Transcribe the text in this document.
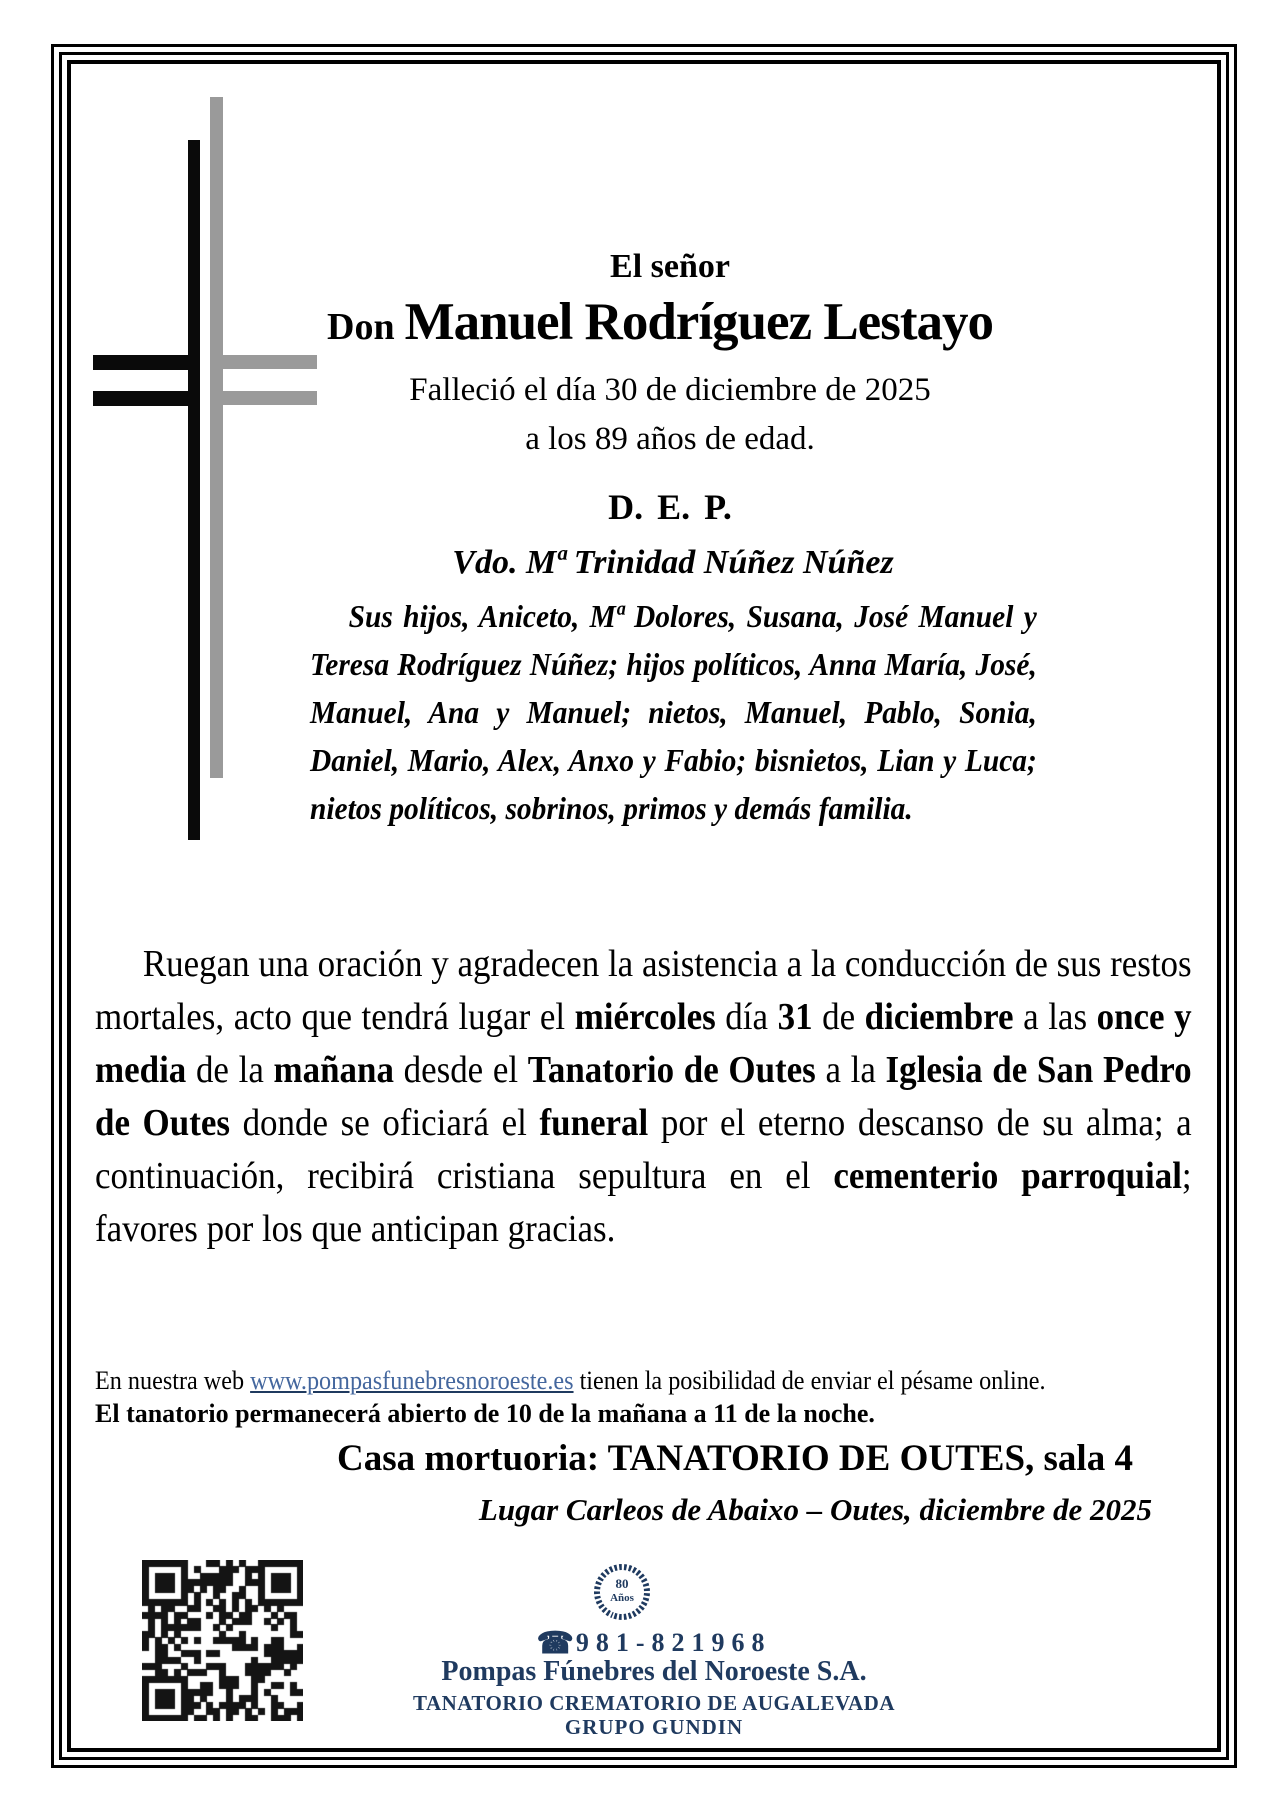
El señor
Don Manuel Rodríguez Lestayo
Falleció el día 30 de diciembre de 2025
a los 89 años de edad.
D. E. P.
Vdo. Mª Trinidad Núñez Núñez
Sus hijos, Aniceto, Mª Dolores, Susana, José Manuel y Teresa Rodríguez Núñez; hijos políticos, Anna María, José, Manuel, Ana y Manuel; nietos, Manuel, Pablo, Sonia, Daniel, Mario, Alex, Anxo y Fabio; bisnietos, Lian y Luca; nietos políticos, sobrinos, primos y demás familia.
Ruegan una oración y agradecen la asistencia a la conducción de sus restos mortales, acto que tendrá lugar el miércoles día 31 de diciembre a las once y media de la mañana desde el Tanatorio de Outes a la Iglesia de San Pedro de Outes donde se oficiará el funeral por el eterno descanso de su alma; a continuación, recibirá cristiana sepultura en el cementerio parroquial; favores por los que anticipan gracias.
En nuestra web www.pompasfunebresnoroeste.es tienen la posibilidad de enviar el pésame online.
El tanatorio permanecerá abierto de 10 de la mañana a 11 de la noche.
Casa mortuoria: TANATORIO DE OUTES, sala 4
Lugar Carleos de Abaixo – Outes, diciembre de 2025
80
Años
☎981-821968
Pompas Fúnebres del Noroeste S.A.
TANATORIO CREMATORIO DE AUGALEVADA
GRUPO GUNDIN
